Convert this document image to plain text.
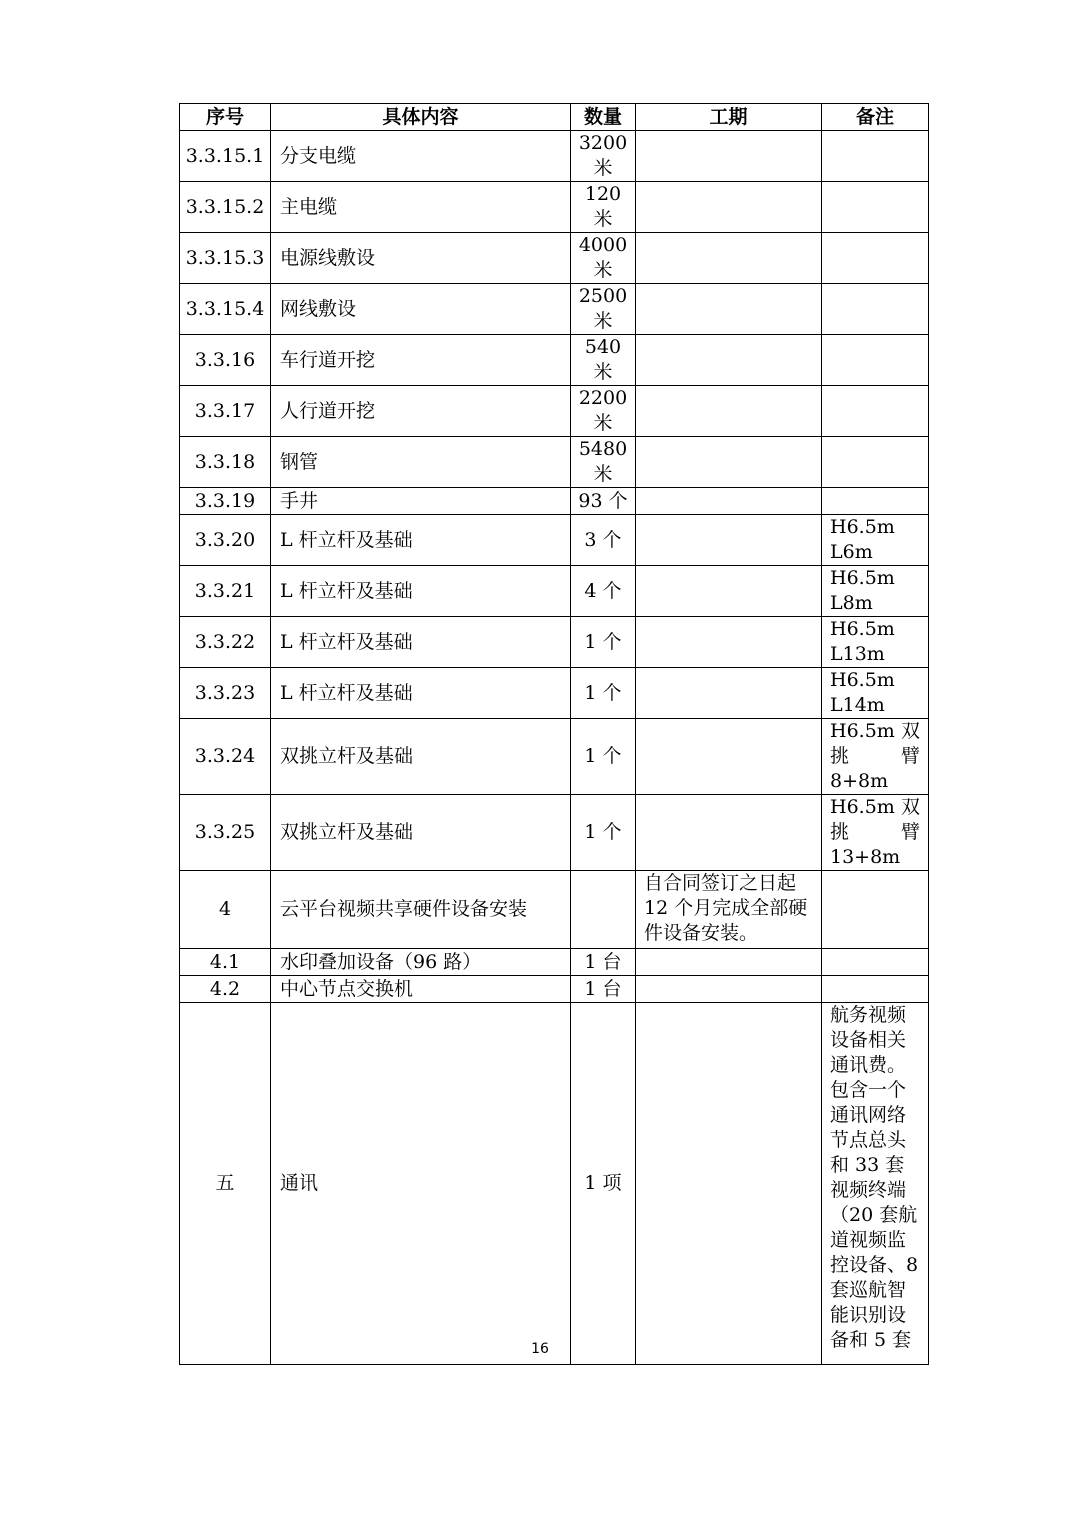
序号	具体内容	数量	工期	备注
3.3.15.1	分支电缆	3200
米		
3.3.15.2	主电缆	120
米		
3.3.15.3	电源线敷设	4000
米		
3.3.15.4	网线敷设	2500
米		
3.3.16	车行道开挖	540
米		
3.3.17	人行道开挖	2200
米		
3.3.18	钢管	5480
米		
3.3.19	手井	93 个		
3.3.20	L 杆立杆及基础	3 个		H6.5m
L6m
3.3.21	L 杆立杆及基础	4 个		H6.5m
L8m
3.3.22	L 杆立杆及基础	1 个		H6.5m
L13m
3.3.23	L 杆立杆及基础	1 个		H6.5m
L14m
3.3.24	双挑立杆及基础	1 个		H6.5m 双挑 臂
8+8m
3.3.25	双挑立杆及基础	1 个		H6.5m 双挑 臂
13+8m
4	云平台视频共享硬件设备安装		自合同签订之日起 12 个月完成全部硬件设备安装。	
4.1	水印叠加设备（96 路）	1 台		
4.2	中心节点交换机	1 台		
五	通讯	1 项		航务视频设备相关通讯费。包含一个通讯网络节点总头和 33 套视频终端（20 套航道视频监控设备、8 套巡航智能识别设备和 5 套
16
